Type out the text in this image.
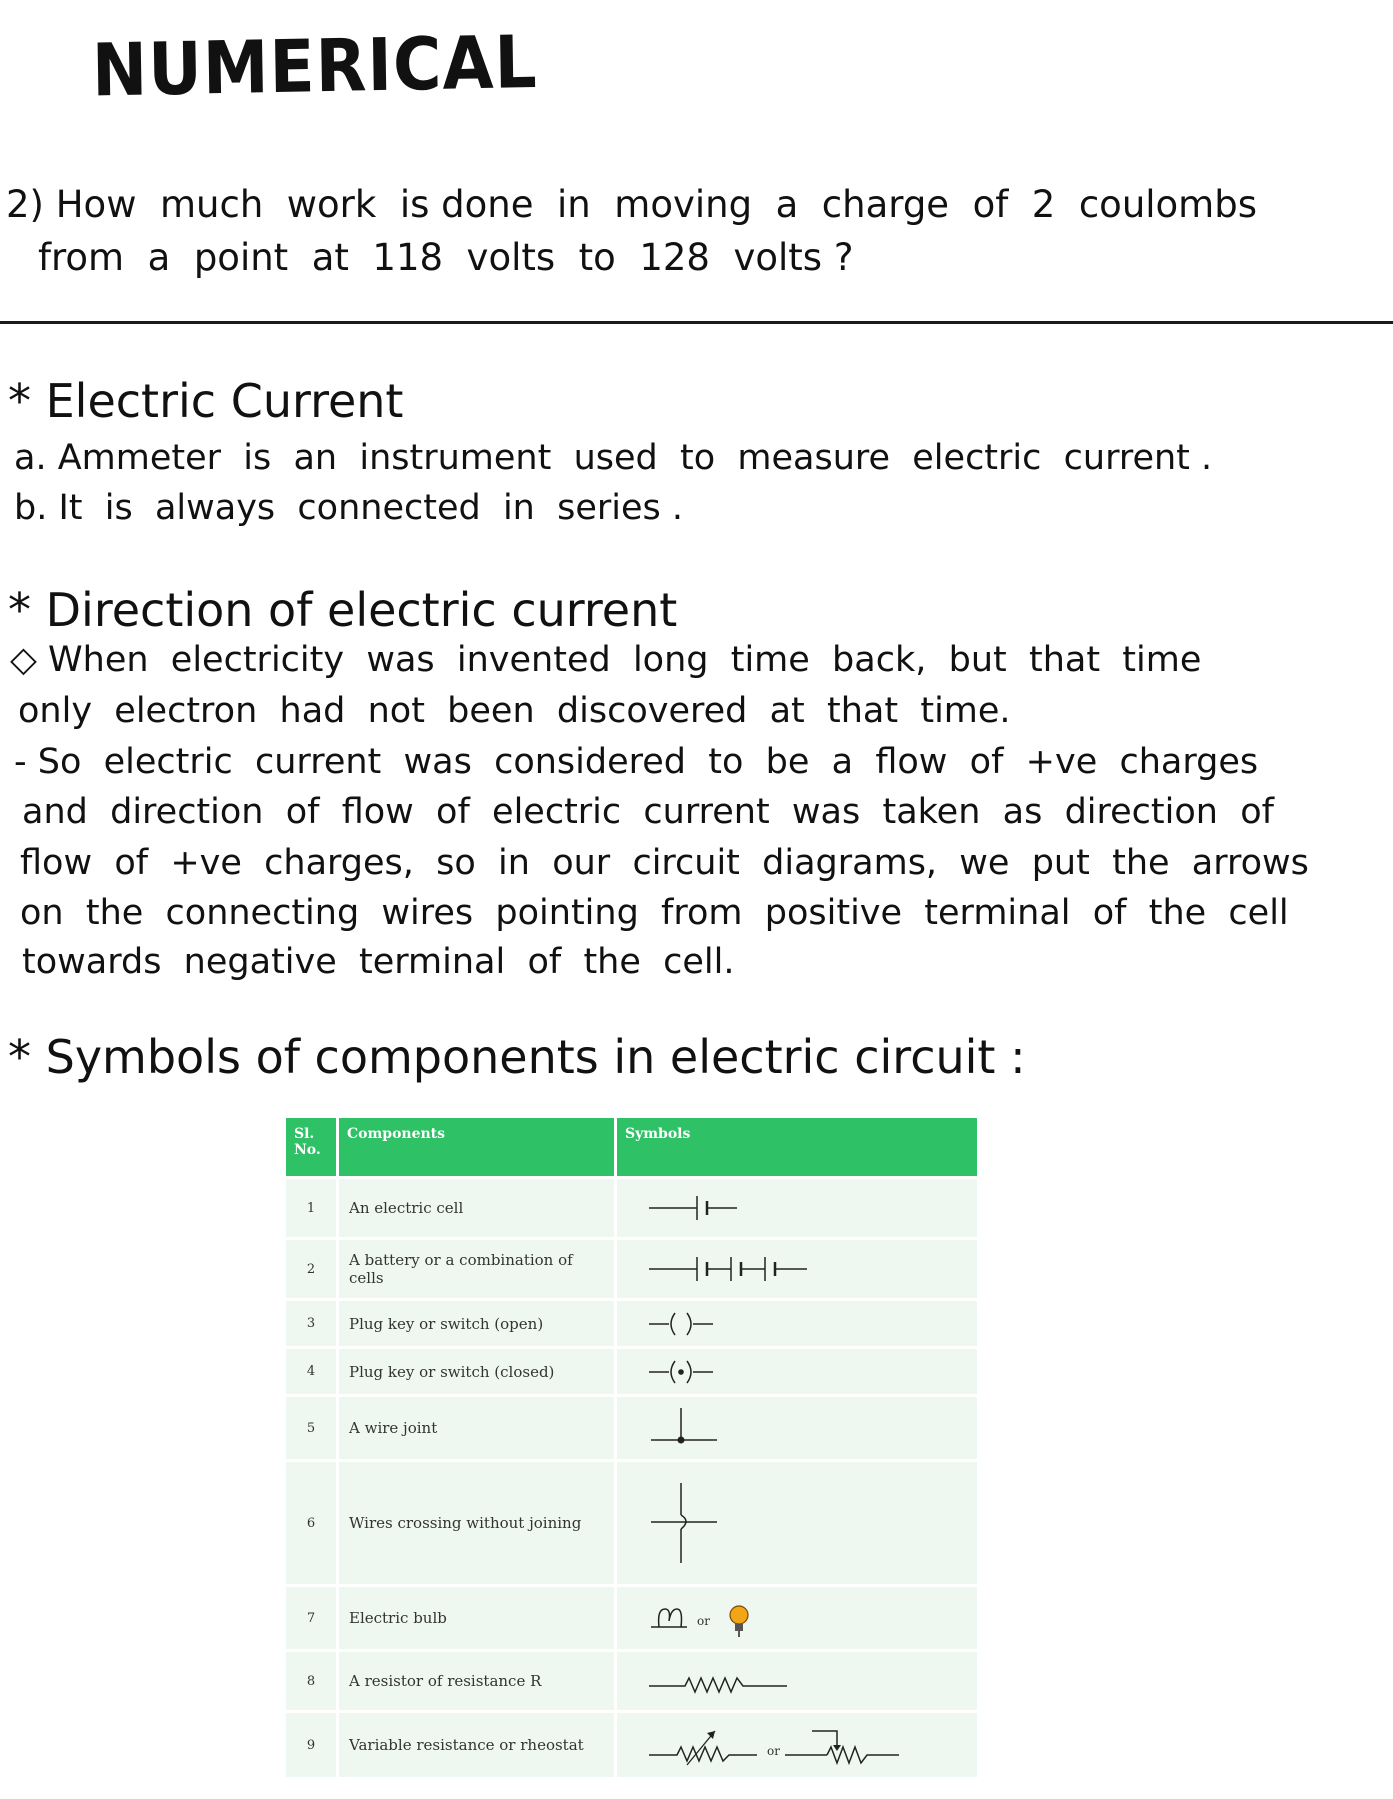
NUMERICAL
2) How  much  work  is done  in  moving  a  charge  of  2  coulombs
from  a  point  at  118  volts  to  128  volts ?
* Electric Current
a. Ammeter  is  an  instrument  used  to  measure  electric  current .
b. It  is  always  connected  in  series .
* Direction of electric current
◇ When  electricity  was  invented  long  time  back,  but  that  time
only  electron  had  not  been  discovered  at  that  time.
- So  electric  current  was  considered  to  be  a  flow  of  +ve  charges
and  direction  of  flow  of  electric  current  was  taken  as  direction  of
flow  of  +ve  charges,  so  in  our  circuit  diagrams,  we  put  the  arrows
on  the  connecting  wires  pointing  from  positive  terminal  of  the  cell
towards  negative  terminal  of  the  cell.
* Symbols of components in electric circuit :
Sl. No.	Components	Symbols
1	An electric cell	

2	A battery or a combination of cells	

3	Plug key or switch (open)	

4	Plug key or switch (closed)	

5	A wire joint	

6	Wires crossing without joining	

7	Electric bulb	or

8	A resistor of resistance R	

9	Variable resistance or rheostat	or
